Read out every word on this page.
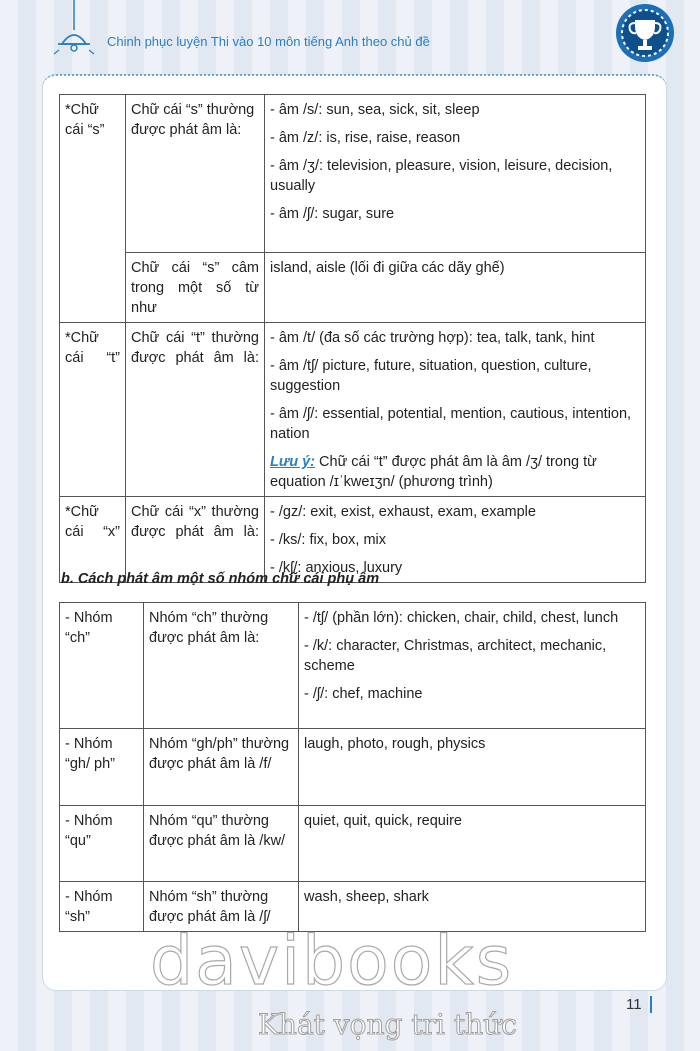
Chinh phục luyện Thi vào 10 môn tiếng Anh theo chủ đề
*Chữ cái “s”	Chữ cái “s” thường được phát âm là:	- âm /s/: sun, sea, sick, sit, sleep

- âm /z/: is, rise, raise, reason

- âm /ʒ/: television, pleasure, vision, leisure, decision, usually

- âm /ʃ/: sugar, sure

	Chữ cái “s” câm trong một số từ như	island, aisle (lối đi giữa các dãy ghế)

*Chữ cái “t”	Chữ cái “t” thường được phát âm là:	- âm /t/ (đa số các trường hợp): tea, talk, tank, hint

- âm /tʃ/ picture, future, situation, question, culture, suggestion

- âm /ʃ/: essential, potential, mention, cautious, intention, nation

Lưu ý: Chữ cái “t” được phát âm là âm /ʒ/ trong từ equation /ɪˈkweɪʒn/ (phương trình)

*Chữ cái “x”	Chữ cái “x” thường được phát âm là:	- /gz/: exit, exist, exhaust, exam, example

- /ks/: fix, box, mix

- /kʃ/: anxious, luxury

b. Cách phát âm một số nhóm chữ cái phụ âm
- Nhóm “ch”	Nhóm “ch” thường được phát âm là:	- /tʃ/ (phần lớn): chicken, chair, child, chest, lunch

- /k/: character, Christmas, architect, mechanic, scheme

- /ʃ/: chef, machine

- Nhóm “gh/ ph”	Nhóm “gh/ph” thường được phát âm là /f/	laugh, photo, rough, physics

- Nhóm “qu”	Nhóm “qu” thường được phát âm là /kw/	quiet, quit, quick, require

- Nhóm “sh”	Nhóm “sh” thường được phát âm là /ʃ/	wash, sheep, shark

davibooks
Khát vọng tri thức
11
